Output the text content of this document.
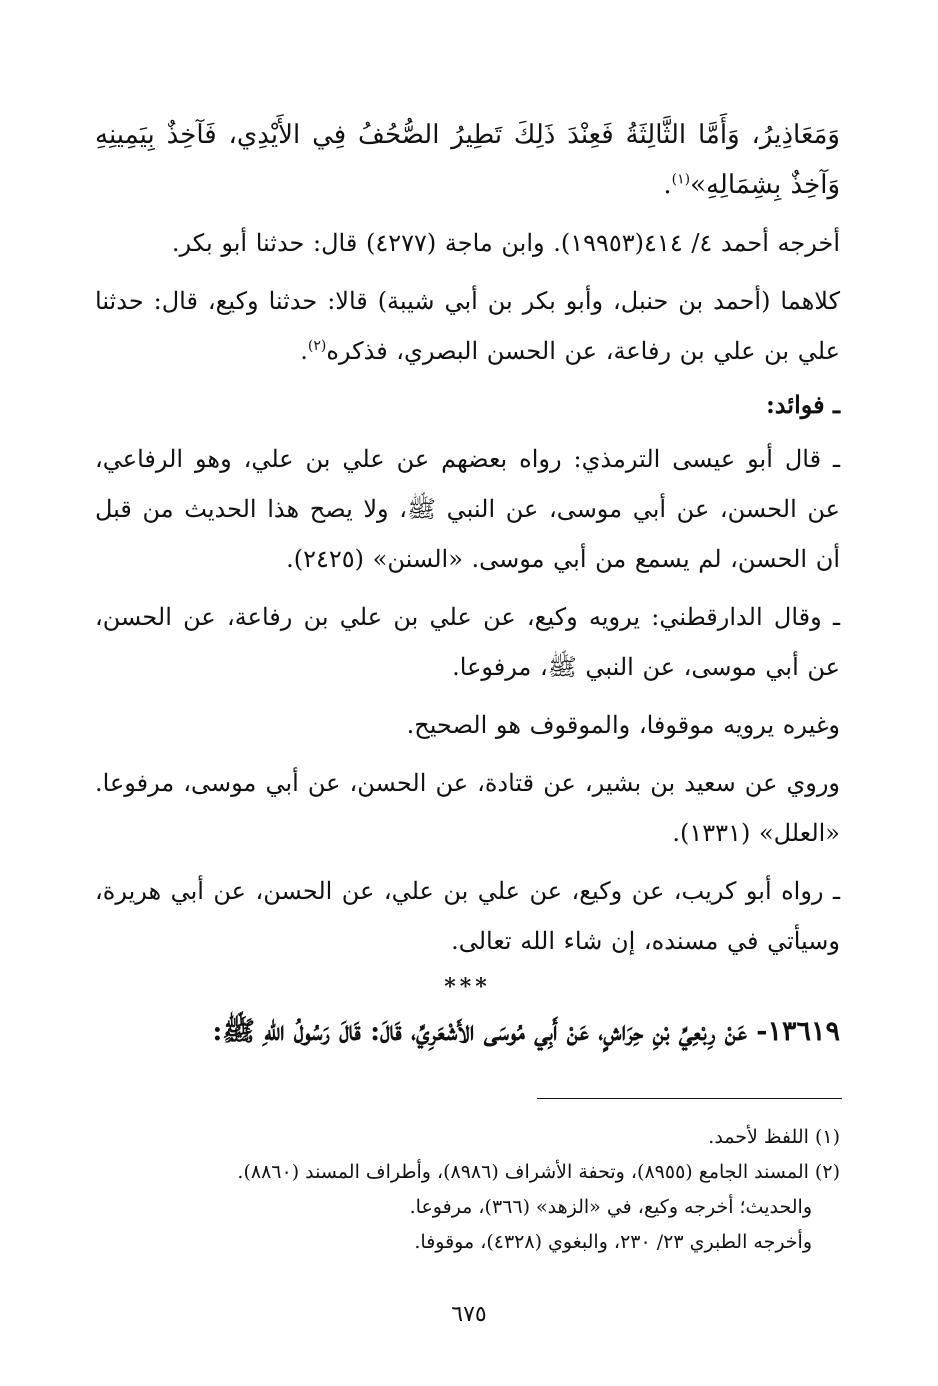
وَمَعَاذِيرُ، وَأَمَّا الثَّالِثَةُ فَعِنْدَ ذَلِكَ تَطِيرُ الصُّحُفُ فِي الأَيْدِي، فَآخِذٌ بِيَمِينِهِ وَآخِذٌ بِشِمَالِهِ»$^{(١)}$.

أخرجه أحمد ٤/ ٤١٤(١٩٩٥٣). وابن ماجة (٤٢٧٧) قال: حدثنا أبو بكر.

كلاهما (أحمد بن حنبل، وأبو بكر بن أبي شيبة) قالا: حدثنا وكيع، قال: حدثنا علي بن علي بن رفاعة، عن الحسن البصري، فذكره$^{(٢)}$.

ـ فوائد:

ـ قال أبو عيسى الترمذي: رواه بعضهم عن علي بن علي، وهو الرفاعي، عن الحسن، عن أبي موسى، عن النبي ﷺ، ولا يصح هذا الحديث من قبل أن الحسن، لم يسمع من أبي موسى. «السنن» (٢٤٢٥).

ـ وقال الدارقطني: يرويه وكيع، عن علي بن علي بن رفاعة، عن الحسن، عن أبي موسى، عن النبي ﷺ، مرفوعا.

وغيره يرويه موقوفا، والموقوف هو الصحيح.

وروي عن سعيد بن بشير، عن قتادة، عن الحسن، عن أبي موسى، مرفوعا. «العلل» (١٣٣١).

ـ رواه أبو كريب، عن وكيع، عن علي بن علي، عن الحسن، عن أبي هريرة، وسيأتي في مسنده، إن شاء الله تعالى.

***

١٣٦١٩- عَنْ رِبْعِيِّ بْنِ حِرَاشٍ، عَنْ أَبِي مُوسَى الأَشْعَرِيِّ، قَالَ: قَالَ رَسُولُ اللهِ ﷺ:

(١) اللفظ لأحمد.

(٢) المسند الجامع (٨٩٥٥)، وتحفة الأشراف (٨٩٨٦)، وأطراف المسند (٨٨٦٠).

والحديث؛ أخرجه وكيع، في «الزهد» (٣٦٦)، مرفوعا.

وأخرجه الطبري ٢٣/ ٢٣٠، والبغوي (٤٣٢٨)، موقوفا.

٦٧٥
